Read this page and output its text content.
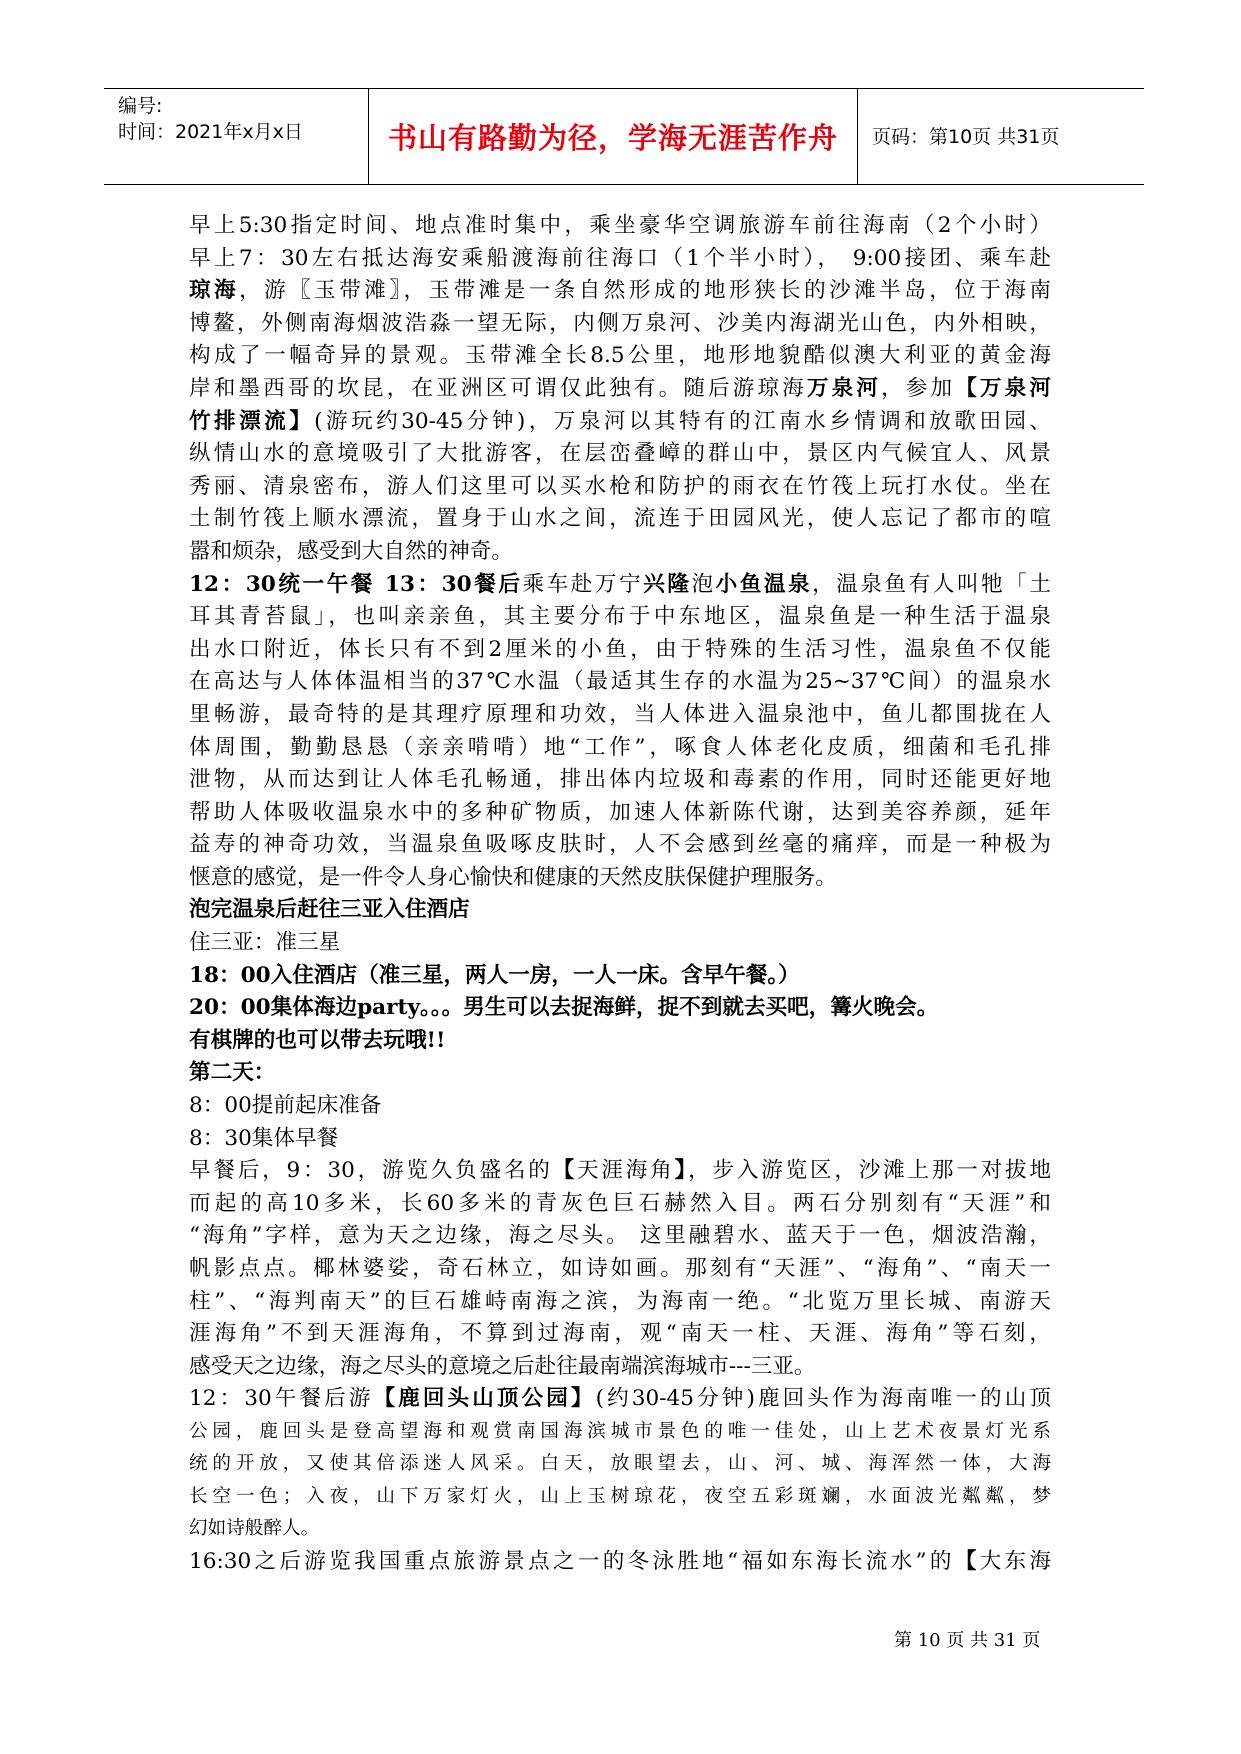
编号:
时间：2021年x月x日	书山有路勤为径，学海无涯苦作舟 页码：第10页 共31页

早上5:30指定时间、地点准时集中，乘坐豪华空调旅游车前往海南（2个小时）

早上7：30左右抵达海安乘船渡海前往海口（1个半小时）， 9:00接团、乘车赴

琼海，游〖玉带滩〗，玉带滩是一条自然形成的地形狭长的沙滩半岛，位于海南

博鳌，外侧南海烟波浩淼一望无际，内侧万泉河、沙美内海湖光山色，内外相映，

构成了一幅奇异的景观。玉带滩全长8.5公里，地形地貌酷似澳大利亚的黄金海

岸和墨西哥的坎昆，在亚洲区可谓仅此独有。随后游琼海万泉河，参加【万泉河

竹排漂流】(游玩约30-45分钟)，万泉河以其特有的江南水乡情调和放歌田园、

纵情山水的意境吸引了大批游客，在层峦叠嶂的群山中，景区内气候宜人、风景

秀丽、清泉密布，游人们这里可以买水枪和防护的雨衣在竹筏上玩打水仗。坐在

土制竹筏上顺水漂流，置身于山水之间，流连于田园风光，使人忘记了都市的喧

嚣和烦杂，感受到大自然的神奇。

12：30统一午餐 13：30餐后乘车赴万宁兴隆泡小鱼温泉，温泉鱼有人叫牠「土

耳其青苔鼠」，也叫亲亲鱼，其主要分布于中东地区，温泉鱼是一种生活于温泉

出水口附近，体长只有不到2厘米的小鱼，由于特殊的生活习性，温泉鱼不仅能

在高达与人体体温相当的37℃水温（最适其生存的水温为25~37℃间）的温泉水

里畅游，最奇特的是其理疗原理和功效，当人体进入温泉池中，鱼儿都围拢在人

体周围，勤勤恳恳（亲亲啃啃）地“工作”，啄食人体老化皮质，细菌和毛孔排

泄物，从而达到让人体毛孔畅通，排出体内垃圾和毒素的作用，同时还能更好地

帮助人体吸收温泉水中的多种矿物质，加速人体新陈代谢，达到美容养颜，延年

益寿的神奇功效，当温泉鱼吸啄皮肤时，人不会感到丝毫的痛痒，而是一种极为

惬意的感觉，是一件令人身心愉快和健康的天然皮肤保健护理服务。

泡完温泉后赶往三亚入住酒店

住三亚：准三星

18：00入住酒店（准三星，两人一房，一人一床。含早午餐。）

20：00集体海边party。。。男生可以去捉海鲜，捉不到就去买吧，篝火晚会。

有棋牌的也可以带去玩哦!!

第二天：

8：00提前起床准备

8：30集体早餐

早餐后，9：30，游览久负盛名的【天涯海角】，步入游览区，沙滩上那一对拔地

而起的高10多米，长60多米的青灰色巨石赫然入目。两石分别刻有“天涯”和

“海角”字样，意为天之边缘，海之尽头。 这里融碧水、蓝天于一色，烟波浩瀚，

帆影点点。椰林婆娑，奇石林立，如诗如画。那刻有“天涯”、“海角”、“南天一

柱”、“海判南天”的巨石雄峙南海之滨，为海南一绝。“北览万里长城、南游天

涯海角”不到天涯海角，不算到过海南，观“南天一柱、天涯、海角”等石刻，

感受天之边缘，海之尽头的意境之后赴往最南端滨海城市---三亚。

12：30午餐后游【鹿回头山顶公园】(约30-45分钟)鹿回头作为海南唯一的山顶

公园，鹿回头是登高望海和观赏南国海滨城市景色的唯一佳处，山上艺术夜景灯光系

统的开放，又使其倍添迷人风采。白天，放眼望去，山、河、城、海浑然一体，大海

长空一色；入夜，山下万家灯火，山上玉树琼花，夜空五彩斑斓，水面波光粼粼，梦

幻如诗般醉人。

16:30之后游览我国重点旅游景点之一的冬泳胜地“福如东海长流水”的【大东海

第 10 页 共 31 页
